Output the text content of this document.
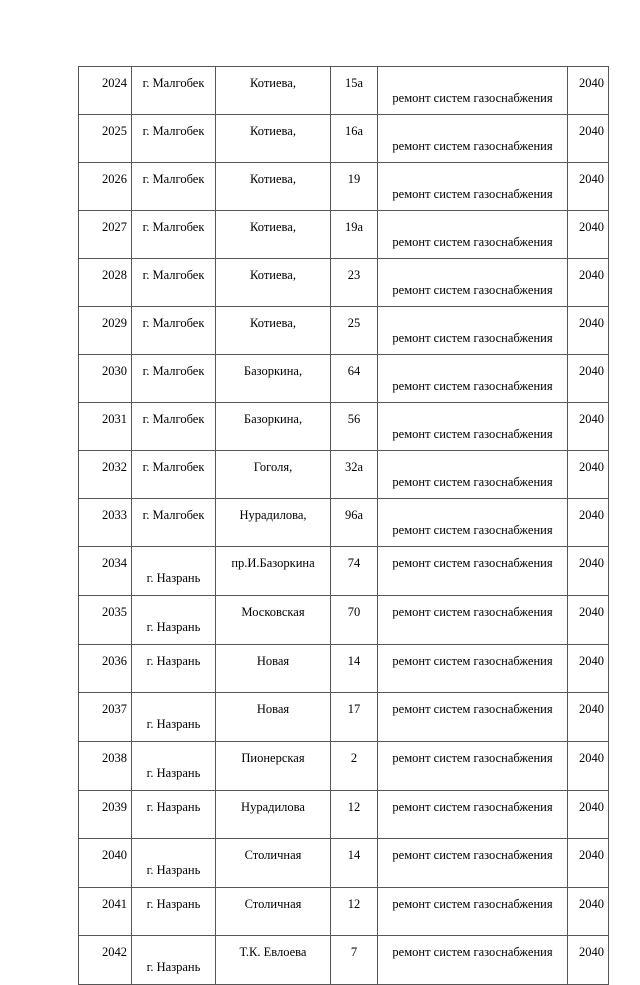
2024	г. Малгобек	Котиева,	15а	ремонт систем газоснабжения	2040
2025	г. Малгобек	Котиева,	16а	ремонт систем газоснабжения	2040
2026	г. Малгобек	Котиева,	19	ремонт систем газоснабжения	2040
2027	г. Малгобек	Котиева,	19а	ремонт систем газоснабжения	2040
2028	г. Малгобек	Котиева,	23	ремонт систем газоснабжения	2040
2029	г. Малгобек	Котиева,	25	ремонт систем газоснабжения	2040
2030	г. Малгобек	Базоркина,	64	ремонт систем газоснабжения	2040
2031	г. Малгобек	Базоркина,	56	ремонт систем газоснабжения	2040
2032	г. Малгобек	Гоголя,	32а	ремонт систем газоснабжения	2040
2033	г. Малгобек	Нурадилова,	96а	ремонт систем газоснабжения	2040
2034	г. Назрань	пр.И.Базоркина	74	ремонт систем газоснабжения	2040
2035	г. Назрань	Московская	70	ремонт систем газоснабжения	2040
2036	г. Назрань	Новая	14	ремонт систем газоснабжения	2040
2037	г. Назрань	Новая	17	ремонт систем газоснабжения	2040
2038	г. Назрань	Пионерская	2	ремонт систем газоснабжения	2040
2039	г. Назрань	Нурадилова	12	ремонт систем газоснабжения	2040
2040	г. Назрань	Столичная	14	ремонт систем газоснабжения	2040
2041	г. Назрань	Столичная	12	ремонт систем газоснабжения	2040
2042	г. Назрань	Т.К. Евлоева	7	ремонт систем газоснабжения	2040
